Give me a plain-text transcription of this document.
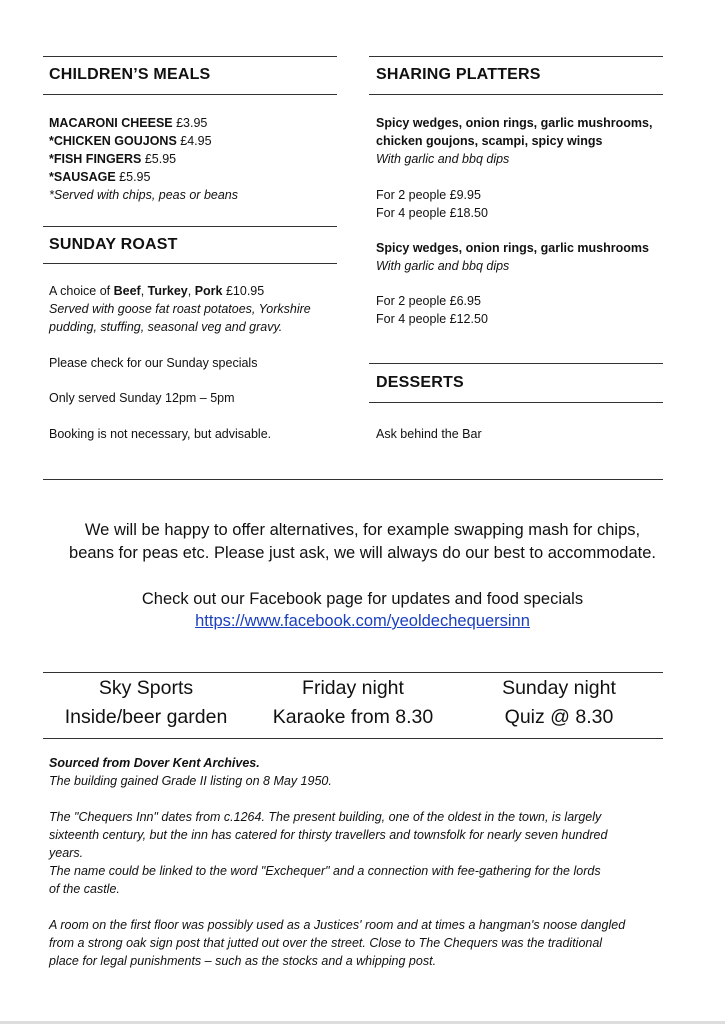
CHILDREN’S MEALS

MACARONI CHEESE £3.95

*CHICKEN GOUJONS £4.95

*FISH FINGERS £5.95

*SAUSAGE £5.95

*Served with chips, peas or beans

SUNDAY ROAST

A choice of Beef, Turkey, Pork £10.95

Served with goose fat roast potatoes, Yorkshire

pudding, stuffing, seasonal veg and gravy.

Please check for our Sunday specials

Only served Sunday 12pm – 5pm

Booking is not necessary, but advisable.

SHARING PLATTERS

Spicy wedges, onion rings, garlic mushrooms,

chicken goujons, scampi, spicy wings

With garlic and bbq dips

For 2 people £9.95

For 4 people £18.50

Spicy wedges, onion rings, garlic mushrooms

With garlic and bbq dips

For 2 people £6.95

For 4 people £12.50

DESSERTS
Ask behind the Bar
We will be happy to offer alternatives, for example swapping mash for chips,
beans for peas etc. Please just ask, we will always do our best to accommodate.
Check out our Facebook page for updates and food specials
https://www.facebook.com/yeoldechequersinn
Sky Sports
Inside/beer garden
Friday night
Karaoke from 8.30
Sunday night
Quiz @ 8.30

Sourced from Dover Kent Archives.

The building gained Grade II listing on 8 May 1950.

The "Chequers Inn" dates from c.1264. The present building, one of the oldest in the town, is largely

sixteenth century, but the inn has catered for thirsty travellers and townsfolk for nearly seven hundred

years.

The name could be linked to the word "Exchequer" and a connection with fee-gathering for the lords

of the castle.

A room on the first floor was possibly used as a Justices' room and at times a hangman's noose dangled

from a strong oak sign post that jutted out over the street. Close to The Chequers was the traditional

place for legal punishments – such as the stocks and a whipping post.
